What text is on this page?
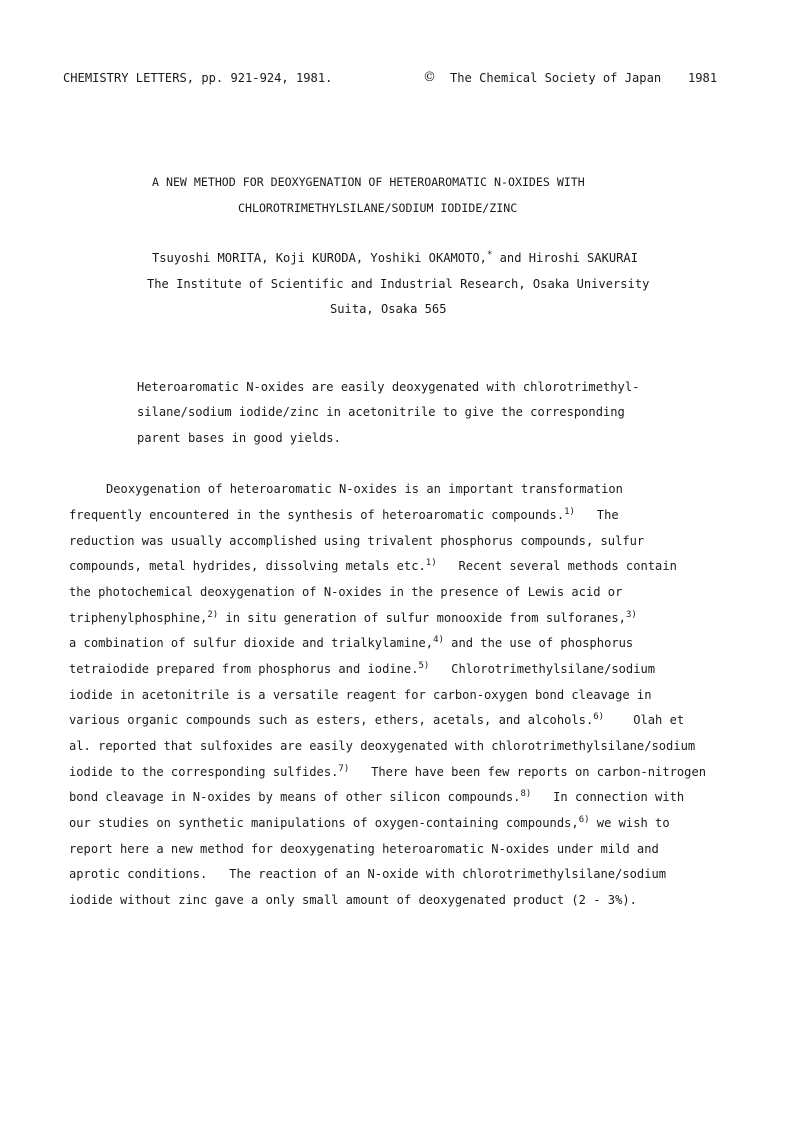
CHEMISTRY LETTERS, pp. 921-924, 1981.	© The Chemical Society of Japan 1981
A NEW METHOD FOR DEOXYGENATION OF HETEROAROMATIC N-OXIDES WITH
CHLOROTRIMETHYLSILANE/SODIUM IODIDE/ZINC
Tsuyoshi MORITA, Koji KURODA, Yoshiki OKAMOTO,* and Hiroshi SAKURAI
The Institute of Scientific and Industrial Research, Osaka University
Suita, Osaka 565
Heteroaromatic N-oxides are easily deoxygenated with chlorotrimethyl-
silane/sodium iodide/zinc in acetonitrile to give the corresponding
parent bases in good yields.
Deoxygenation of heteroaromatic N-oxides is an important transformation
frequently encountered in the synthesis of heteroaromatic compounds.$^{1)}$   The
reduction was usually accomplished using trivalent phosphorus compounds, sulfur
compounds, metal hydrides, dissolving metals etc.$^{1)}$   Recent several methods contain
the photochemical deoxygenation of N-oxides in the presence of Lewis acid or
triphenylphosphine,$^{2)}$ in situ generation of sulfur monooxide from sulforanes,$^{3)}$
a combination of sulfur dioxide and trialkylamine,$^{4)}$ and the use of phosphorus
tetraiodide prepared from phosphorus and iodine.$^{5)}$   Chlorotrimethylsilane/sodium
iodide in acetonitrile is a versatile reagent for carbon-oxygen bond cleavage in
various organic compounds such as esters, ethers, acetals, and alcohols.$^{6)}$    Olah et
al. reported that sulfoxides are easily deoxygenated with chlorotrimethylsilane/sodium
iodide to the corresponding sulfides.$^{7)}$   There have been few reports on carbon-nitrogen
bond cleavage in N-oxides by means of other silicon compounds.$^{8)}$   In connection with
our studies on synthetic manipulations of oxygen-containing compounds,$^{6)}$ we wish to
report here a new method for deoxygenating heteroaromatic N-oxides under mild and
aprotic conditions.   The reaction of an N-oxide with chlorotrimethylsilane/sodium
iodide without zinc gave a only small amount of deoxygenated product (2 - 3%).
